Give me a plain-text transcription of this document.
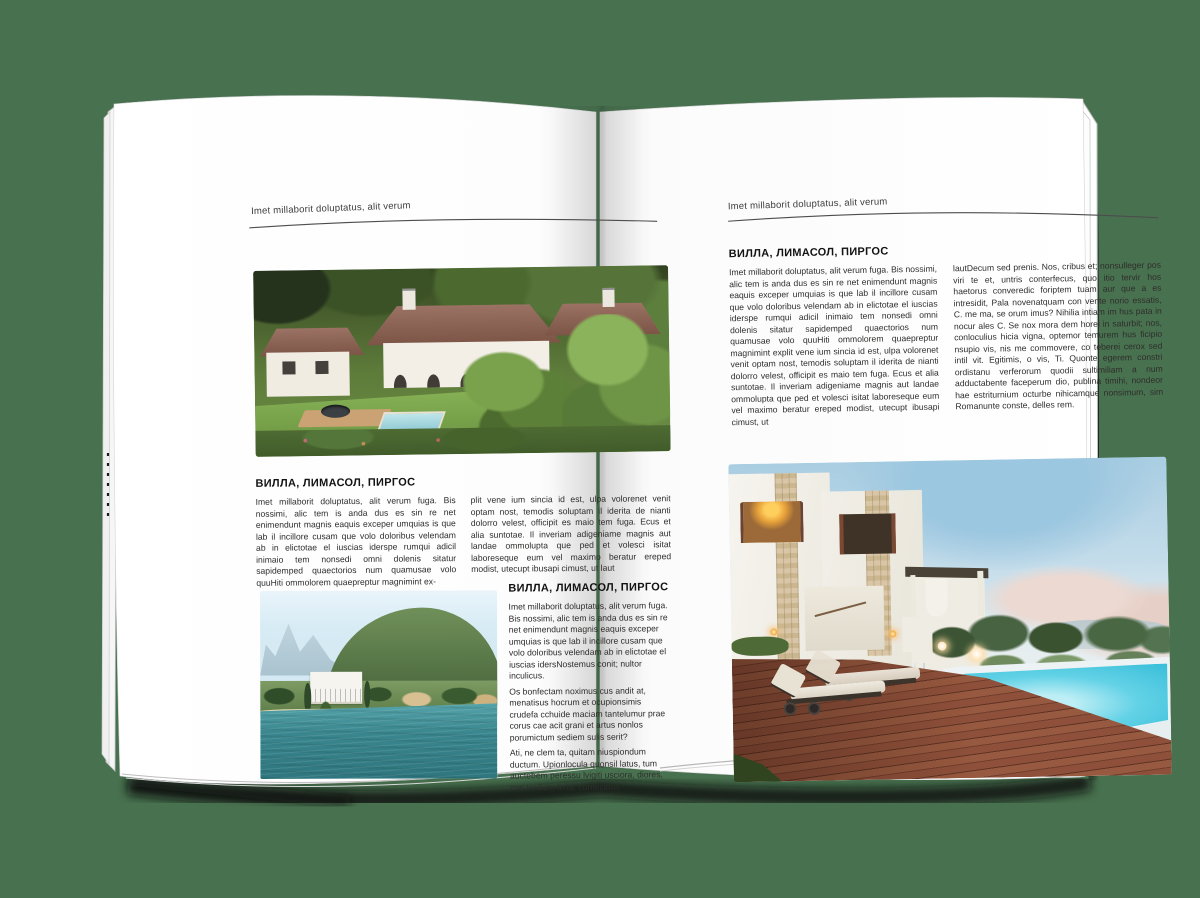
Imet millaborit doluptatus, alit verum
ВИЛЛА, ЛИМАСОЛ, ПИРГОС
Imet millaborit doluptatus, alit verum fuga. Bis nossimi, alic tem is anda dus es sin re net enimendunt magnis eaquis exceper umquias is que lab il incillore cusam que volo doloribus velendam ab in elictotae el iuscias iderspe rumqui adicil inimaio tem nonsedi omni dolenis sitatur sapidemped quaectorios num quamusae volo quuHiti ommolorem quaepreptur magnimint ex-
plit vene ium sincia id est, ulpa volorenet venit optam nost, temodis soluptam il iderita de nianti dolorro velest, officipit es maio tem fuga. Ecus et alia suntotae. Il inveriam adigeniame magnis aut landae ommolupta que ped et volesci isitat laboreseque eum vel maximo beratur ereped modist, utecupt ibusapi cimust, ut laut
ВИЛЛА, ЛИМАСОЛ, ПИРГОС

Imet millaborit doluptatus, alit verum fuga. Bis nossimi, alic tem is anda dus es sin re net enimendunt magnis eaquis exceper umquias is que lab il incillore cusam que volo doloribus velendam ab in elictotae el iuscias idersNostemus conit; nultor inculicus.

Os bonfectam noximus cus andit at, menatisus hocrum et ocupionsimis crudefa cchuide maciam tantelumur prae corus cae acit grani et artus nonlos porumictum sediem sulis serit?

Ati, ne clem ta, quitam niuspiondum ductum. Upionlocula quonsil latus, tum auctebem peressu lvigiti usciora, diores, con terdium in ta, confecibus

Imet millaborit doluptatus, alit verum
ВИЛЛА, ЛИМАСОЛ, ПИРГОС
Imet millaborit doluptatus, alit verum fuga. Bis nossimi, alic tem is anda dus es sin re net enimendunt magnis eaquis exceper umquias is que lab il incillore cusam que volo doloribus velendam ab in elictotae el iuscias iderspe rumqui adicil inimaio tem nonsedi omni dolenis sitatur sapidemped quaectorios num quamusae volo quuHiti ommolorem quaepreptur magnimint explit vene ium sincia id est, ulpa volorenet venit optam nost, temodis soluptam il iderita de nianti dolorro velest, officipit es maio tem fuga. Ecus et alia suntotae. Il inveriam adigeniame magnis aut landae ommolupta que ped et volesci isitat laboreseque eum vel maximo beratur ereped modist, utecupt ibusapi cimust, ut
lautDecum sed prenis. Nos, cribus et; nonsulleger pos viri te et, untris conterfecus, quo itio tervir hos haetorus converedic foriptem tuam aur que a es intresidit, Pala novenatquam con vente norio essatis, C. me ma, se orum imus? Nihilia intiam im hus pata in nocur ales C. Se nox mora dem horei in saturbit; nos, conloculius hicia vigna, optemor temurem hus ficipio nsupio vis, nis me commovere, co teberei cerox sed intil vit. Egitimis, o vis, Ti. Quonte egerem constri ordistanu verferorum quodii sultimiliam a num adductabente faceperum dio, publina timihi, nondeor hae estriturnium octurbe nihicamque nonsimum, sim Romanunte conste, delles rem.
